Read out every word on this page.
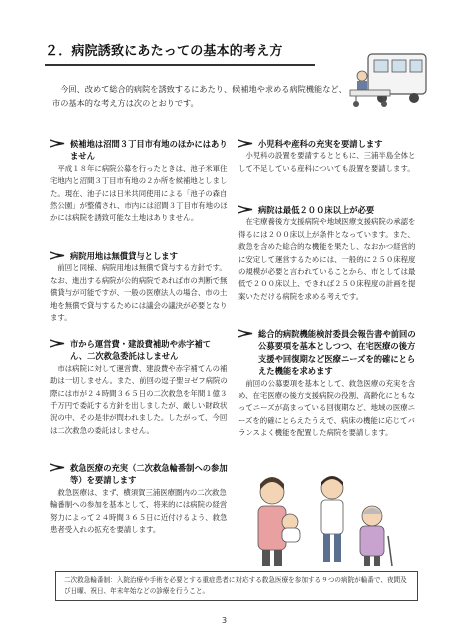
２．病院誘致にあたっての基本的考え方
今回、改めて総合的病院を誘致するにあたり、候補地や求める病院機能など、市の基本的な考え方は次のとおりです。
候補地は沼間３丁目市有地のほかにはありません
平成１８年に病院公募を行ったときは、池子米軍住宅地内と沼間３丁目市有地の２か所を候補地としました。現在、池子には日米共同使用による「池子の森自然公園」が整備され、市内には沼間３丁目市有地のほかには病院を誘致可能な土地はありません。
病院用地は無償貸与とします
前回と同様、病院用地は無償で貸与する方針です。なお、進出する病院が公的病院であれば市の判断で無償貸与が可能ですが、一般の医療法人の場合、市の土地を無償で貸与するためには議会の議決が必要となります。
市から運営費・建設費補助や赤字補てん、二次救急委託はしません
市は病院に対して運営費、建設費や赤字補てんの補助は一切しません。また、前回の逗子聖ヨゼフ病院の際には市が２４時間３６５日の二次救急を年間１億３千万円で委託する方針を出しましたが、厳しい財政状況の中、その是非が問われました。したがって、今回は二次救急の委託はしません。
救急医療の充実（二次救急輪番制への参加等）を要請します
救急医療は、まず、横須賀三浦医療圏内の二次救急輪番制への参加を基本として、将来的には病院の経営努力によって２４時間３６５日に近付けるよう、救急患者受入れの拡充を要請します。
小児科や産科の充実を要請します
小児科の設置を要請するとともに、三浦半島全体として不足している産科についても設置を要請します。
病院は最低２００床以上が必要
在宅療養後方支援病院や地域医療支援病院の承認を得るには２００床以上が条件となっています。また、救急を含めた総合的な機能を果たし、なおかつ経営的に安定して運営するためには、一般的に２５０床程度の規模が必要と言われていることから、市としては最低で２００床以上、できれば２５０床程度の計画を提案いただける病院を求める考えです。
総合的病院機能検討委員会報告書や前回の公募要項を基本としつつ、在宅医療の後方支援や回復期など医療ニーズを的確にとらえた機能を求めます
前回の公募要項を基本として、救急医療の充実を含め、在宅医療の後方支援病院の役割、高齢化にともなってニーズが高まっている回復期など、地域の医療ニーズを的確にとらえたうえで、病床の機能に応じてバランスよく機能を配置した病院を要請します。
二次救急輪番制：入院治療や手術を必要とする重症患者に対応する救急医療を参加する９つの病院が輪番で、夜間及び日曜、祝日、年末年始などの診療を行うこと。
3
